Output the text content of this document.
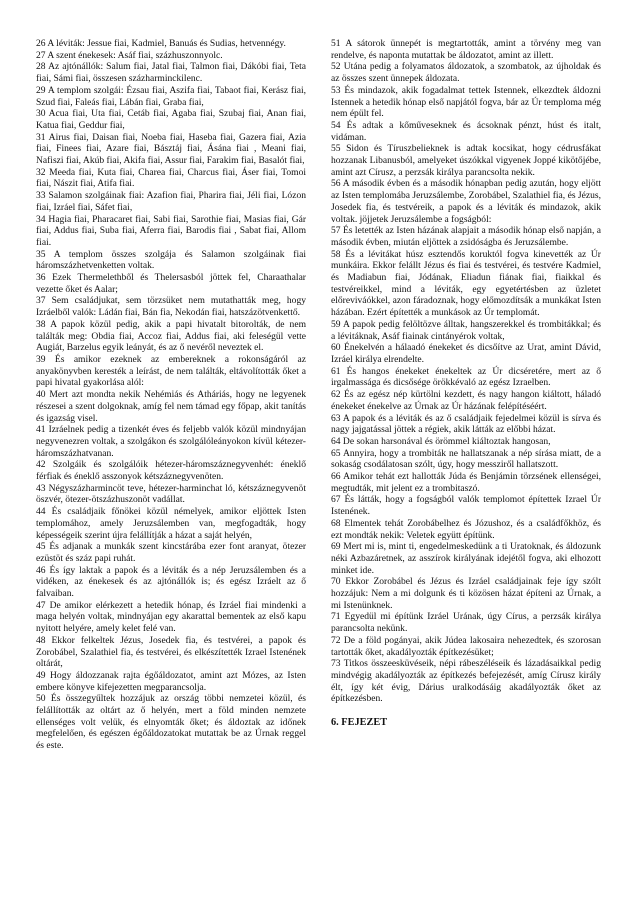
26 A léviták: Jessue fiai, Kadmiel, Banuás és Sudias, hetvennégy.

27 A szent énekesek: Asáf fiai, százhuszonnyolc.

28 Az ajtónállók: Salum fiai, Jatal fiai, Talmon fiai, Dákóbi fiai, Teta fiai, Sámi fiai, összesen százharminckilenc.

29 A templom szolgái: Ézsau fiai, Aszifa fiai, Tabaot fiai, Kerász fiai, Szud fiai, Faleás fiai, Lábán fiai, Graba fiai,

30 Acua fiai, Uta fiai, Cetáb fiai, Agaba fiai, Szubaj fiai, Anan fiai, Katua fiai, Geddur fiai,

31 Airus fiai, Daisan fiai, Noeba fiai, Haseba fiai, Gazera fiai, Azia fiai, Finees fiai, Azare fiai, Básztáj fiai, Ásána fiai , Meani fiai, Nafiszi fiai, Akúb fiai, Akifa fiai, Assur fiai, Farakim fiai, Basalót fiai,

32 Meeda fiai, Kuta fiai, Charea fiai, Charcus fiai, Áser fiai, Tomoi fiai, Nászit fiai, Atifa fiai.

33 Salamon szolgáinak fiai: Azafion fiai, Pharira fiai, Jéli fiai, Lózon fiai, Izráel fiai, Sáfet fiai,

34 Hagia fiai, Pharacaret fiai, Sabi fiai, Sarothie fiai, Masias fiai, Gár fiai, Addus fiai, Suba fiai, Aferra fiai, Barodis fiai , Sabat fiai, Allom fiai.

35 A templom összes szolgája és Salamon szolgáinak fiai háromszázhetvenketten voltak.

36 Ezek Thermelethből és Thelersasból jöttek fel, Charaathalar vezette őket és Aalar;

37 Sem családjukat, sem törzsüket nem mutathatták meg, hogy Izráelből valók: Ládán fiai, Bán fia, Nekodán fiai, hatszázötvenkettő.

38 A papok közül pedig, akik a papi hivatalt bitorolták, de nem találták meg: Obdia fiai, Accoz fiai, Addus fiai, aki feleségül vette Augiát, Barzelus egyik leányát, és az ő nevéről neveztek el.

39 És amikor ezeknek az embereknek a rokonságáról az anyakönyvben keresték a leírást, de nem találták, eltávolították őket a papi hivatal gyakorlása alól:

40 Mert azt mondta nekik Nehémiás és Atháriás, hogy ne legyenek részesei a szent dolgoknak, amíg fel nem támad egy főpap, akit tanítás és igazság visel.

41 Izráelnek pedig a tizenkét éves és feljebb valók közül mindnyájan negyvenezren voltak, a szolgákon és szolgálóleányokon kívül kétezer-háromszázhatvanan.

42 Szolgáik és szolgálóik hétezer-háromszáznegyvenhét: éneklő férfiak és éneklő asszonyok kétszáznegyvenöten.

43 Négyszázharmincöt teve, hétezer-harminchat ló, kétszáznegyvenöt öszvér, ötezer-ötszázhuszonöt vadállat.

44 És családjaik főnökei közül némelyek, amikor eljöttek Isten templomához, amely Jeruzsálemben van, megfogadták, hogy képességeik szerint újra felállítják a házat a saját helyén,

45 És adjanak a munkák szent kincstárába ezer font aranyat, ötezer ezüstöt és száz papi ruhát.

46 És így laktak a papok és a léviták és a nép Jeruzsálemben és a vidéken, az énekesek és az ajtónállók is; és egész Izráelt az ő falvaiban.

47 De amikor elérkezett a hetedik hónap, és Izráel fiai mindenki a maga helyén voltak, mindnyájan egy akarattal bementek az első kapu nyitott helyére, amely kelet felé van.

48 Ekkor felkeltek Jézus, Josedek fia, és testvérei, a papok és Zorobábel, Szalathiel fia, és testvérei, és elkészítették Izrael Istenének oltárát,

49 Hogy áldozzanak rajta égőáldozatot, amint azt Mózes, az Isten embere könyve kifejezetten megparancsolja.

50 És összegyűltek hozzájuk az ország többi nemzetei közül, és felállították az oltárt az ő helyén, mert a föld minden nemzete ellenséges volt velük, és elnyomták őket; és áldoztak az időnek megfelelően, és egészen égőáldozatokat mutattak be az Úrnak reggel és este.

51 A sátorok ünnepét is megtartották, amint a törvény meg van rendelve, és naponta mutattak be áldozatot, amint az illett.

52 Utána pedig a folyamatos áldozatok, a szombatok, az újholdak és az összes szent ünnepek áldozata.

53 És mindazok, akik fogadalmat tettek Istennek, elkezdtek áldozni Istennek a hetedik hónap első napjától fogva, bár az Úr temploma még nem épült fel.

54 És adtak a kőműveseknek és ácsoknak pénzt, húst és italt, vidáman.

55 Sidon és Tíruszbelieknek is adtak kocsikat, hogy cédrusfákat hozzanak Libanusból, amelyeket úszókkal vigyenek Joppé kikötőjébe, amint azt Círusz, a perzsák királya parancsolta nekik.

56 A második évben és a második hónapban pedig azután, hogy eljött az Isten templomába Jeruzsálembe, Zorobábel, Szalathiel fia, és Jézus, Josedek fia, és testvéreik, a papok és a léviták és mindazok, akik voltak. jöjjetek Jeruzsálembe a fogságból:

57 És letették az Isten házának alapjait a második hónap első napján, a második évben, miután eljöttek a zsidóságba és Jeruzsálembe.

58 És a lévitákat húsz esztendős koruktól fogva kinevették az Úr munkáira. Ekkor felállt Jézus és fiai és testvérei, és testvére Kadmiel, és Madiabun fiai, Jódának, Eliadun fiának fiai, fiaikkal és testvéreikkel, mind a léviták, egy egyetértésben az üzletet előreviváókkel, azon fáradoznak, hogy előmozdítsák a munkákat Isten házában. Ezért építették a munkások az Úr templomát.

59 A papok pedig felöltözve álltak, hangszerekkel és trombitákkal; és a lévitáknak, Asáf fiainak cintányérok voltak,

60 Énekelvén a hálaadó énekeket és dicsőítve az Urat, amint Dávid, Izráel királya elrendelte.

61 És hangos énekeket énekeltek az Úr dicséretére, mert az ő irgalmassága és dicsősége örökkévaló az egész Izraelben.

62 És az egész nép kürtölni kezdett, és nagy hangon kiáltott, háladó énekeket énekelve az Úrnak az Úr házának felépítéséért.

63 A papok és a léviták és az ő családjaik fejedelmei közül is sírva és nagy jajgatással jöttek a régiek, akik látták az előbbi házat.

64 De sokan harsonával és örömmel kiáltoztak hangosan,

65 Annyira, hogy a trombiták ne hallatszanak a nép sírása miatt, de a sokaság csodálatosan szólt, úgy, hogy messziről hallatszott.

66 Amikor tehát ezt hallották Júda és Benjámin törzsének ellenségei, megtudták, mit jelent ez a trombitaszó.

67 És látták, hogy a fogságból valók templomot építettek Izrael Úr Istenének.

68 Elmentek tehát Zorobábelhez és Józushoz, és a családfőkhöz, és ezt mondták nekik: Veletek együtt építünk.

69 Mert mi is, mint ti, engedelmeskedünk a ti Uratoknak, és áldozunk néki Azbazáretnek, az asszírok királyának idejétől fogva, aki elhozott minket ide.

70 Ekkor Zorobábel és Jézus és Izráel családjainak feje így szólt hozzájuk: Nem a mi dolgunk és ti közösen házat építeni az Úrnak, a mi Istenünknek.

71 Egyedül mi építünk Izráel Urának, úgy Círus, a perzsák királya parancsolta nekünk.

72 De a föld pogányai, akik Júdea lakosaira nehezedtek, és szorosan tartották őket, akadályozták építkezésüket;

73 Titkos összeesküvéseik, népi rábeszéléseik és lázadásaikkal pedig mindvégig akadályozták az építkezés befejezését, amíg Círusz király élt, így két évig, Dárius uralkodásáig akadályozták őket az építkezésben.

6. FEJEZET
